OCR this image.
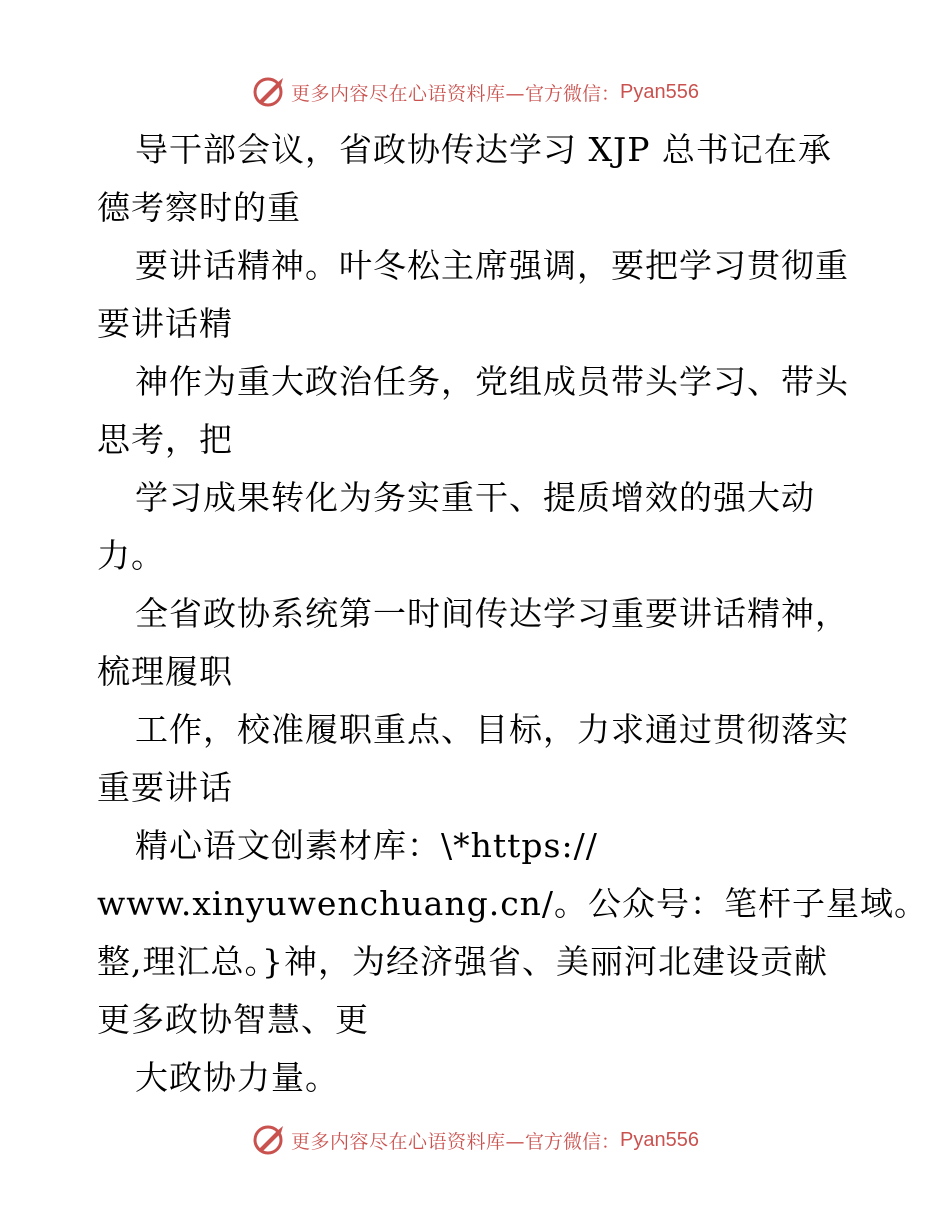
更多内容尽在心语资料库— 官方微信： Pyan556
导干部会议，省政协传达学习 XJP 总书记在承
德考察时的重
要讲话精神。叶冬松主席强调，要把学习贯彻重
要讲话精
神作为重大政治任务，党组成员带头学习、带头
思考，把
学习成果转化为务实重干、提质增效的强大动
力。
全省政协系统第一时间传达学习重要讲话精神，
梳理履职
工作，校准履职重点、目标，力求通过贯彻落实
重要讲话
精心语文创素材库：\*https://
www.xinyuwenchuang.cn/。公众号：笔杆子星域。
整,理汇总。}神，为经济强省、美丽河北建设贡献
更多政协智慧、更
大政协力量。
更多内容尽在心语资料库— 官方微信： Pyan556
